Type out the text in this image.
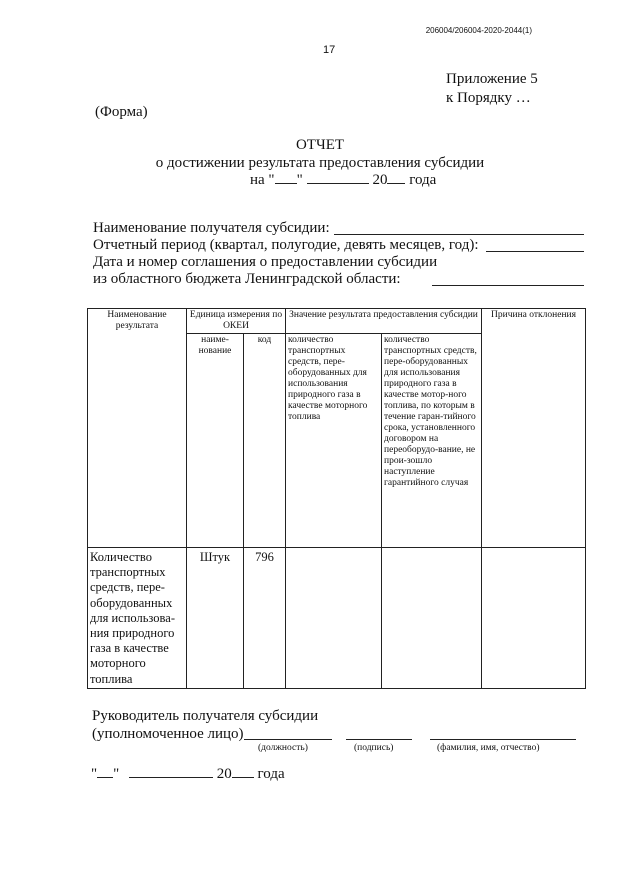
206004/206004-2020-2044(1)
17
Приложение 5
к Порядку …
(Форма)
ОТЧЕТ
о достижении результата предоставления субсидии
на " "	20 года
Наименование получателя субсидии:
Отчетный период (квартал, полугодие, девять месяцев, год):
Дата и номер соглашения о предоставлении субсидии
из областного бюджета Ленинградской области:
Наименование результата	Единица измерения по ОКЕИ		Значение результата предоставления субсидии		Причина отклонения
	наиме-нование	код	количество транспортных средств, пере-оборудованных для использования природного газа в качестве моторного топлива	количество транспортных средств, пере-оборудованных для использования природного газа в качестве мотор-ного топлива, по которым в течение гаран-тийного срока, установленного договором на переоборудо-вание, не прои-зошло наступление гарантийного случая	
Количество транспортных средств, пере-оборудованных для использова-ния природного газа в качестве моторного топлива	Штук	796			
Руководитель получателя субсидии
(уполномоченное лицо)
(должность)	(подпись)	(фамилия, имя, отчество)
" "	20 года
